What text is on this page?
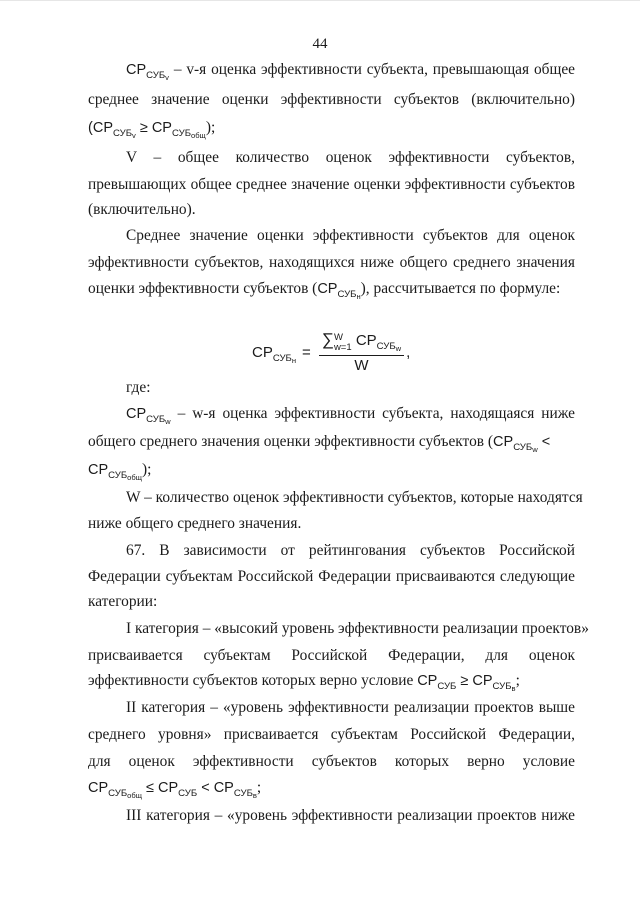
44
$СР_{СУБ_v} - v-я$ оценка эффективности субъекта, превышающая общее
среднее значение оценки эффективности субъектов (включительно)
$(СР_{СУБ_v} \ge СР_{СУБ_{общ}})$;
V – общее количество оценок эффективности субъектов,
превышающих общее среднее значение оценки эффективности субъектов
(включительно).
Среднее значение оценки эффективности субъектов для оценок
эффективности субъектов, находящихся ниже общего среднего значения
оценки эффективности субъектов $(СР_{СУБ_н})$, рассчитывается по формуле:
$СР_{СУБ_н}$ =
∑W
w=1 $СР_{СУБ_w}$
W
,
где:
$СР_{СУБ_w} - w-я$ оценка эффективности субъекта, находящаяся ниже
общего среднего значения оценки эффективности субъектов ($СР_{СУБ_w}$ <
$СР_{СУБ_{общ}}$);
W – количество оценок эффективности субъектов, которые находятся
ниже общего среднего значения.
67. В зависимости от рейтингования субъектов Российской
Федерации субъектам Российской Федерации присваиваются следующие
категории:
I категория – «высокий уровень эффективности реализации проектов»
присваивается субъектам Российской Федерации, для оценок
эффективности субъектов которых верно условие $СР_{СУБ} \ge СР_{СУБ_в}$;
II категория – «уровень эффективности реализации проектов выше
среднего уровня» присваивается субъектам Российской Федерации,
для оценок эффективности субъектов которых верно условие
$СР_{СУБ_{общ}} \le СР_{СУБ} < СР_{СУБ_в}$;
III категория – «уровень эффективности реализации проектов ниже
